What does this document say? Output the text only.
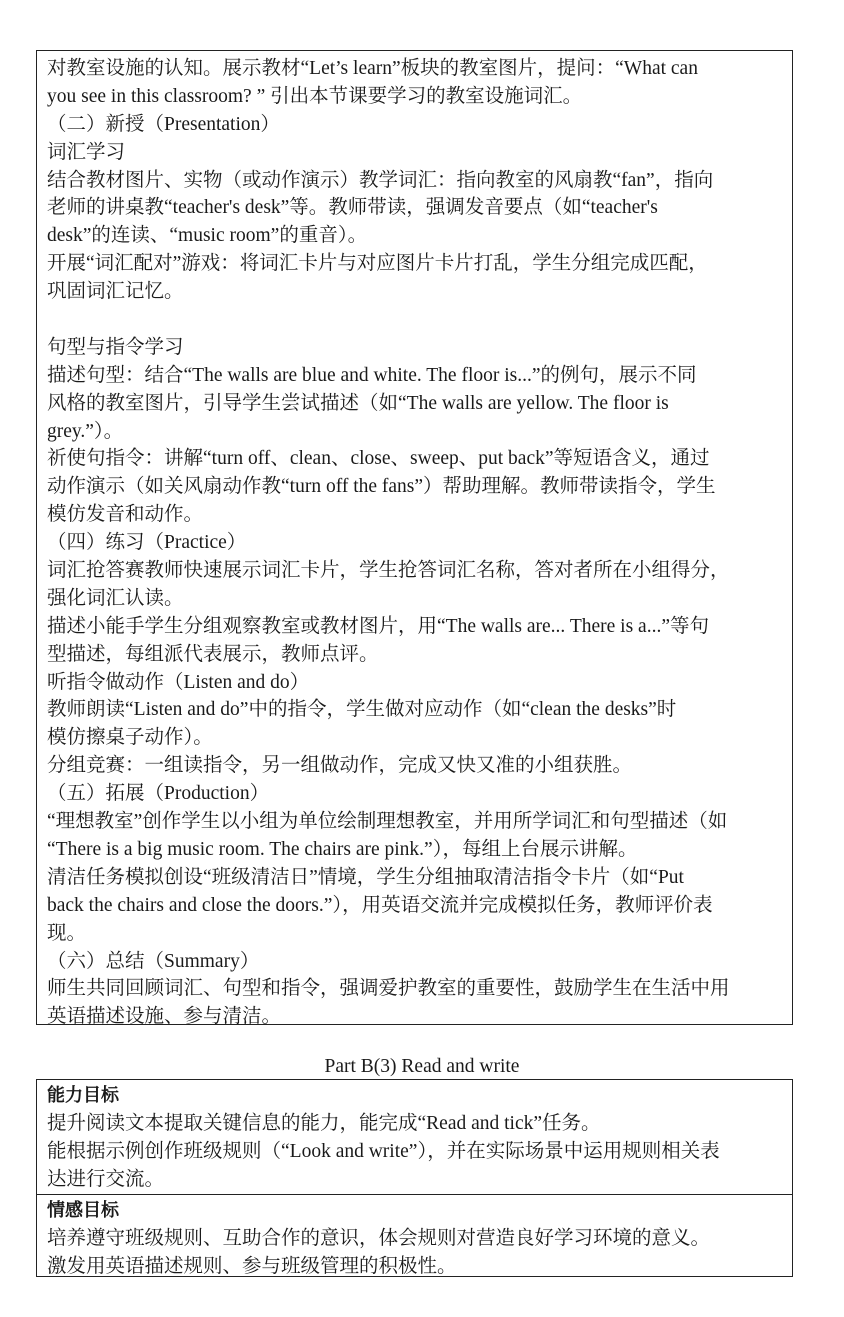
对教室设施的认知。展示教材“Let’s learn”板块的教室图片，提问：“What can
you see in this classroom? ” 引出本节课要学习的教室设施词汇。
（二）新授（Presentation）
词汇学习
结合教材图片、实物（或动作演示）教学词汇：指向教室的风扇教“fan”，指向
老师的讲桌教“teacher's desk”等。教师带读，强调发音要点（如“teacher's
desk”的连读、“music room”的重音）。
开展“词汇配对”游戏：将词汇卡片与对应图片卡片打乱，学生分组完成匹配，
巩固词汇记忆。
句型与指令学习
描述句型：结合“The walls are blue and white. The floor is...”的例句，展示不同
风格的教室图片，引导学生尝试描述（如“The walls are yellow. The floor is
grey.”）。
祈使句指令：讲解“turn off、clean、close、sweep、put back”等短语含义，通过
动作演示（如关风扇动作教“turn off the fans”）帮助理解。教师带读指令，学生
模仿发音和动作。
（四）练习（Practice）
词汇抢答赛教师快速展示词汇卡片，学生抢答词汇名称，答对者所在小组得分，
强化词汇认读。
描述小能手学生分组观察教室或教材图片，用“The walls are... There is a...”等句
型描述，每组派代表展示，教师点评。
听指令做动作（Listen and do）
教师朗读“Listen and do”中的指令，学生做对应动作（如“clean the desks”时
模仿擦桌子动作）。
分组竞赛：一组读指令，另一组做动作，完成又快又准的小组获胜。
（五）拓展（Production）
“理想教室”创作学生以小组为单位绘制理想教室，并用所学词汇和句型描述（如
“There is a big music room. The chairs are pink.”），每组上台展示讲解。
清洁任务模拟创设“班级清洁日”情境，学生分组抽取清洁指令卡片（如“Put
back the chairs and close the doors.”），用英语交流并完成模拟任务，教师评价表
现。
（六）总结（Summary）
师生共同回顾词汇、句型和指令，强调爱护教室的重要性，鼓励学生在生活中用
英语描述设施、参与清洁。
Part B(3) Read and write
能力目标
提升阅读文本提取关键信息的能力，能完成“Read and tick”任务。
能根据示例创作班级规则（“Look and write”），并在实际场景中运用规则相关表
达进行交流。
情感目标
培养遵守班级规则、互助合作的意识，体会规则对营造良好学习环境的意义。
激发用英语描述规则、参与班级管理的积极性。
